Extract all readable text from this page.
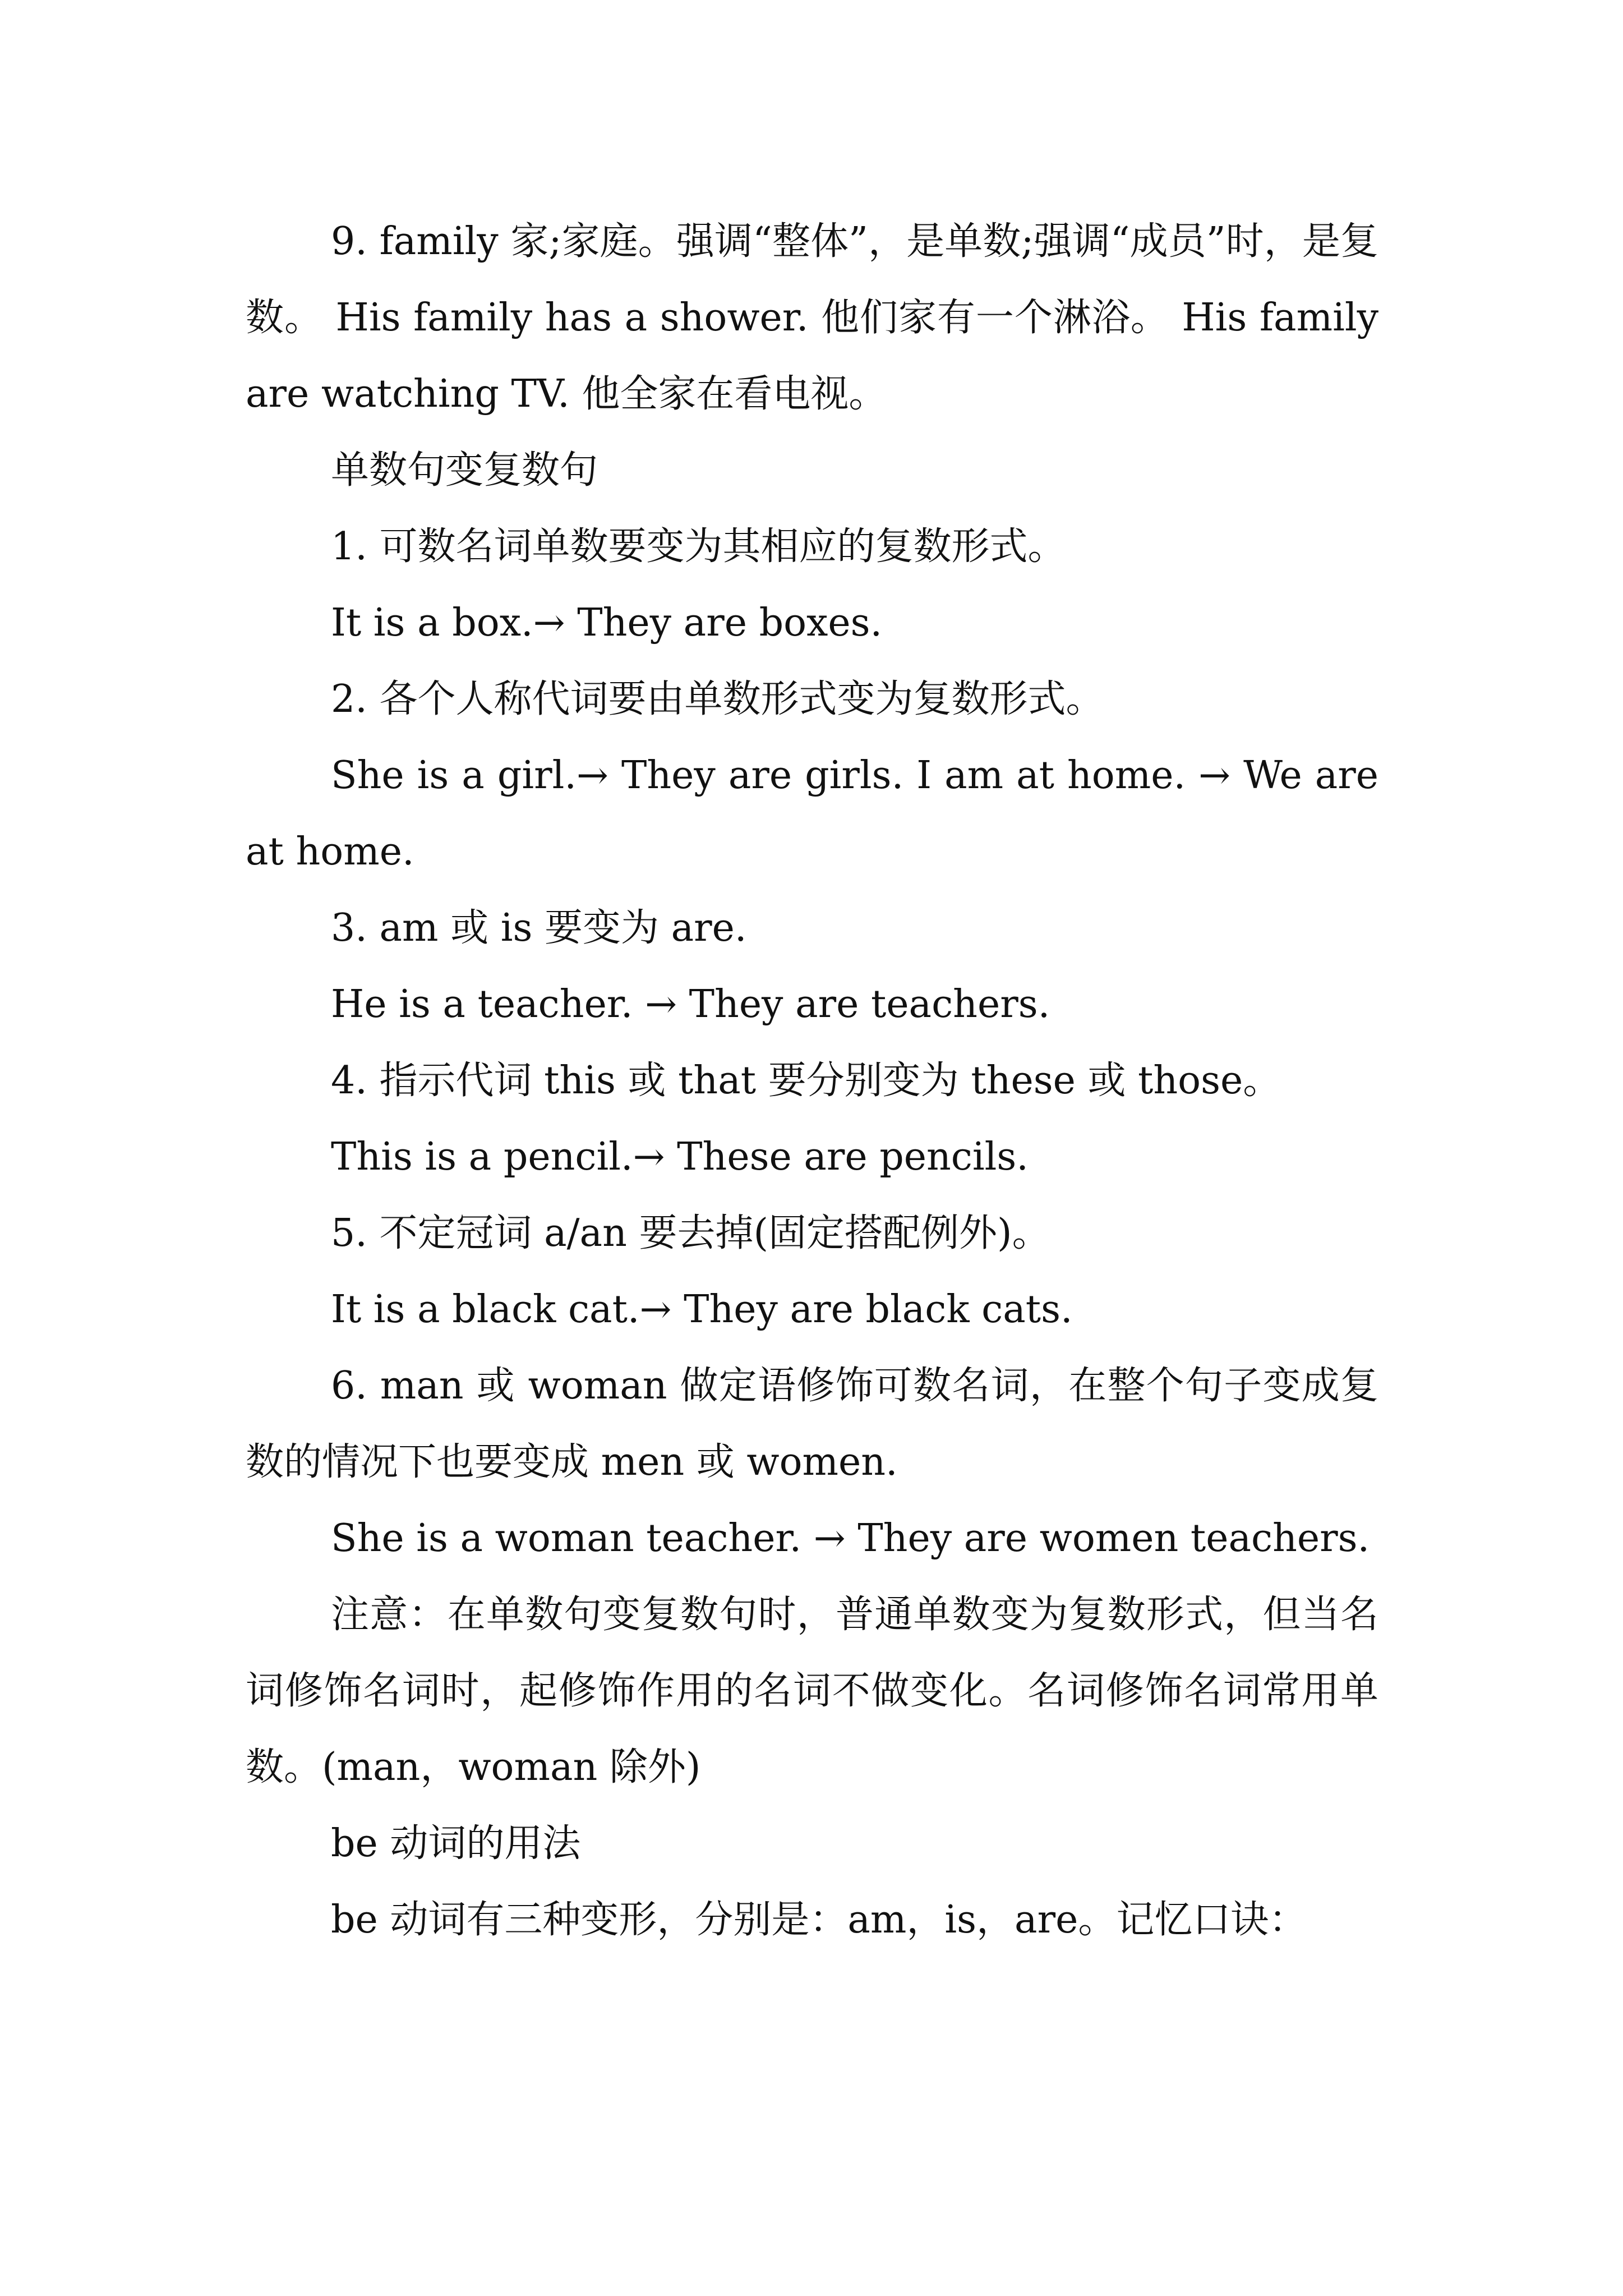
9. family 家;家庭。强调“整体”，是单数;强调“成员”时，是复数。 His family has a shower. 他们家有一个淋浴。 His family are watching TV. 他全家在看电视。

单数句变复数句

1. 可数名词单数要变为其相应的复数形式。

It is a box.→ They are boxes.

2. 各个人称代词要由单数形式变为复数形式。

She is a girl.→ They are girls. I am at home. → We are at home.

3. am 或 is 要变为 are.

He is a teacher. → They are teachers.

4. 指示代词 this 或 that 要分别变为 these 或 those。

This is a pencil.→ These are pencils.

5. 不定冠词 a/an 要去掉(固定搭配例外)。

It is a black cat.→ They are black cats.

6. man 或 woman 做定语修饰可数名词，在整个句子变成复数的情况下也要变成 men 或 women.

She is a woman teacher. → They are women teachers.

注意：在单数句变复数句时，普通单数变为复数形式，但当名词修饰名词时，起修饰作用的名词不做变化。名词修饰名词常用单数。(man，woman 除外)

be 动词的用法

be 动词有三种变形，分别是：am，is，are。记忆口诀：
